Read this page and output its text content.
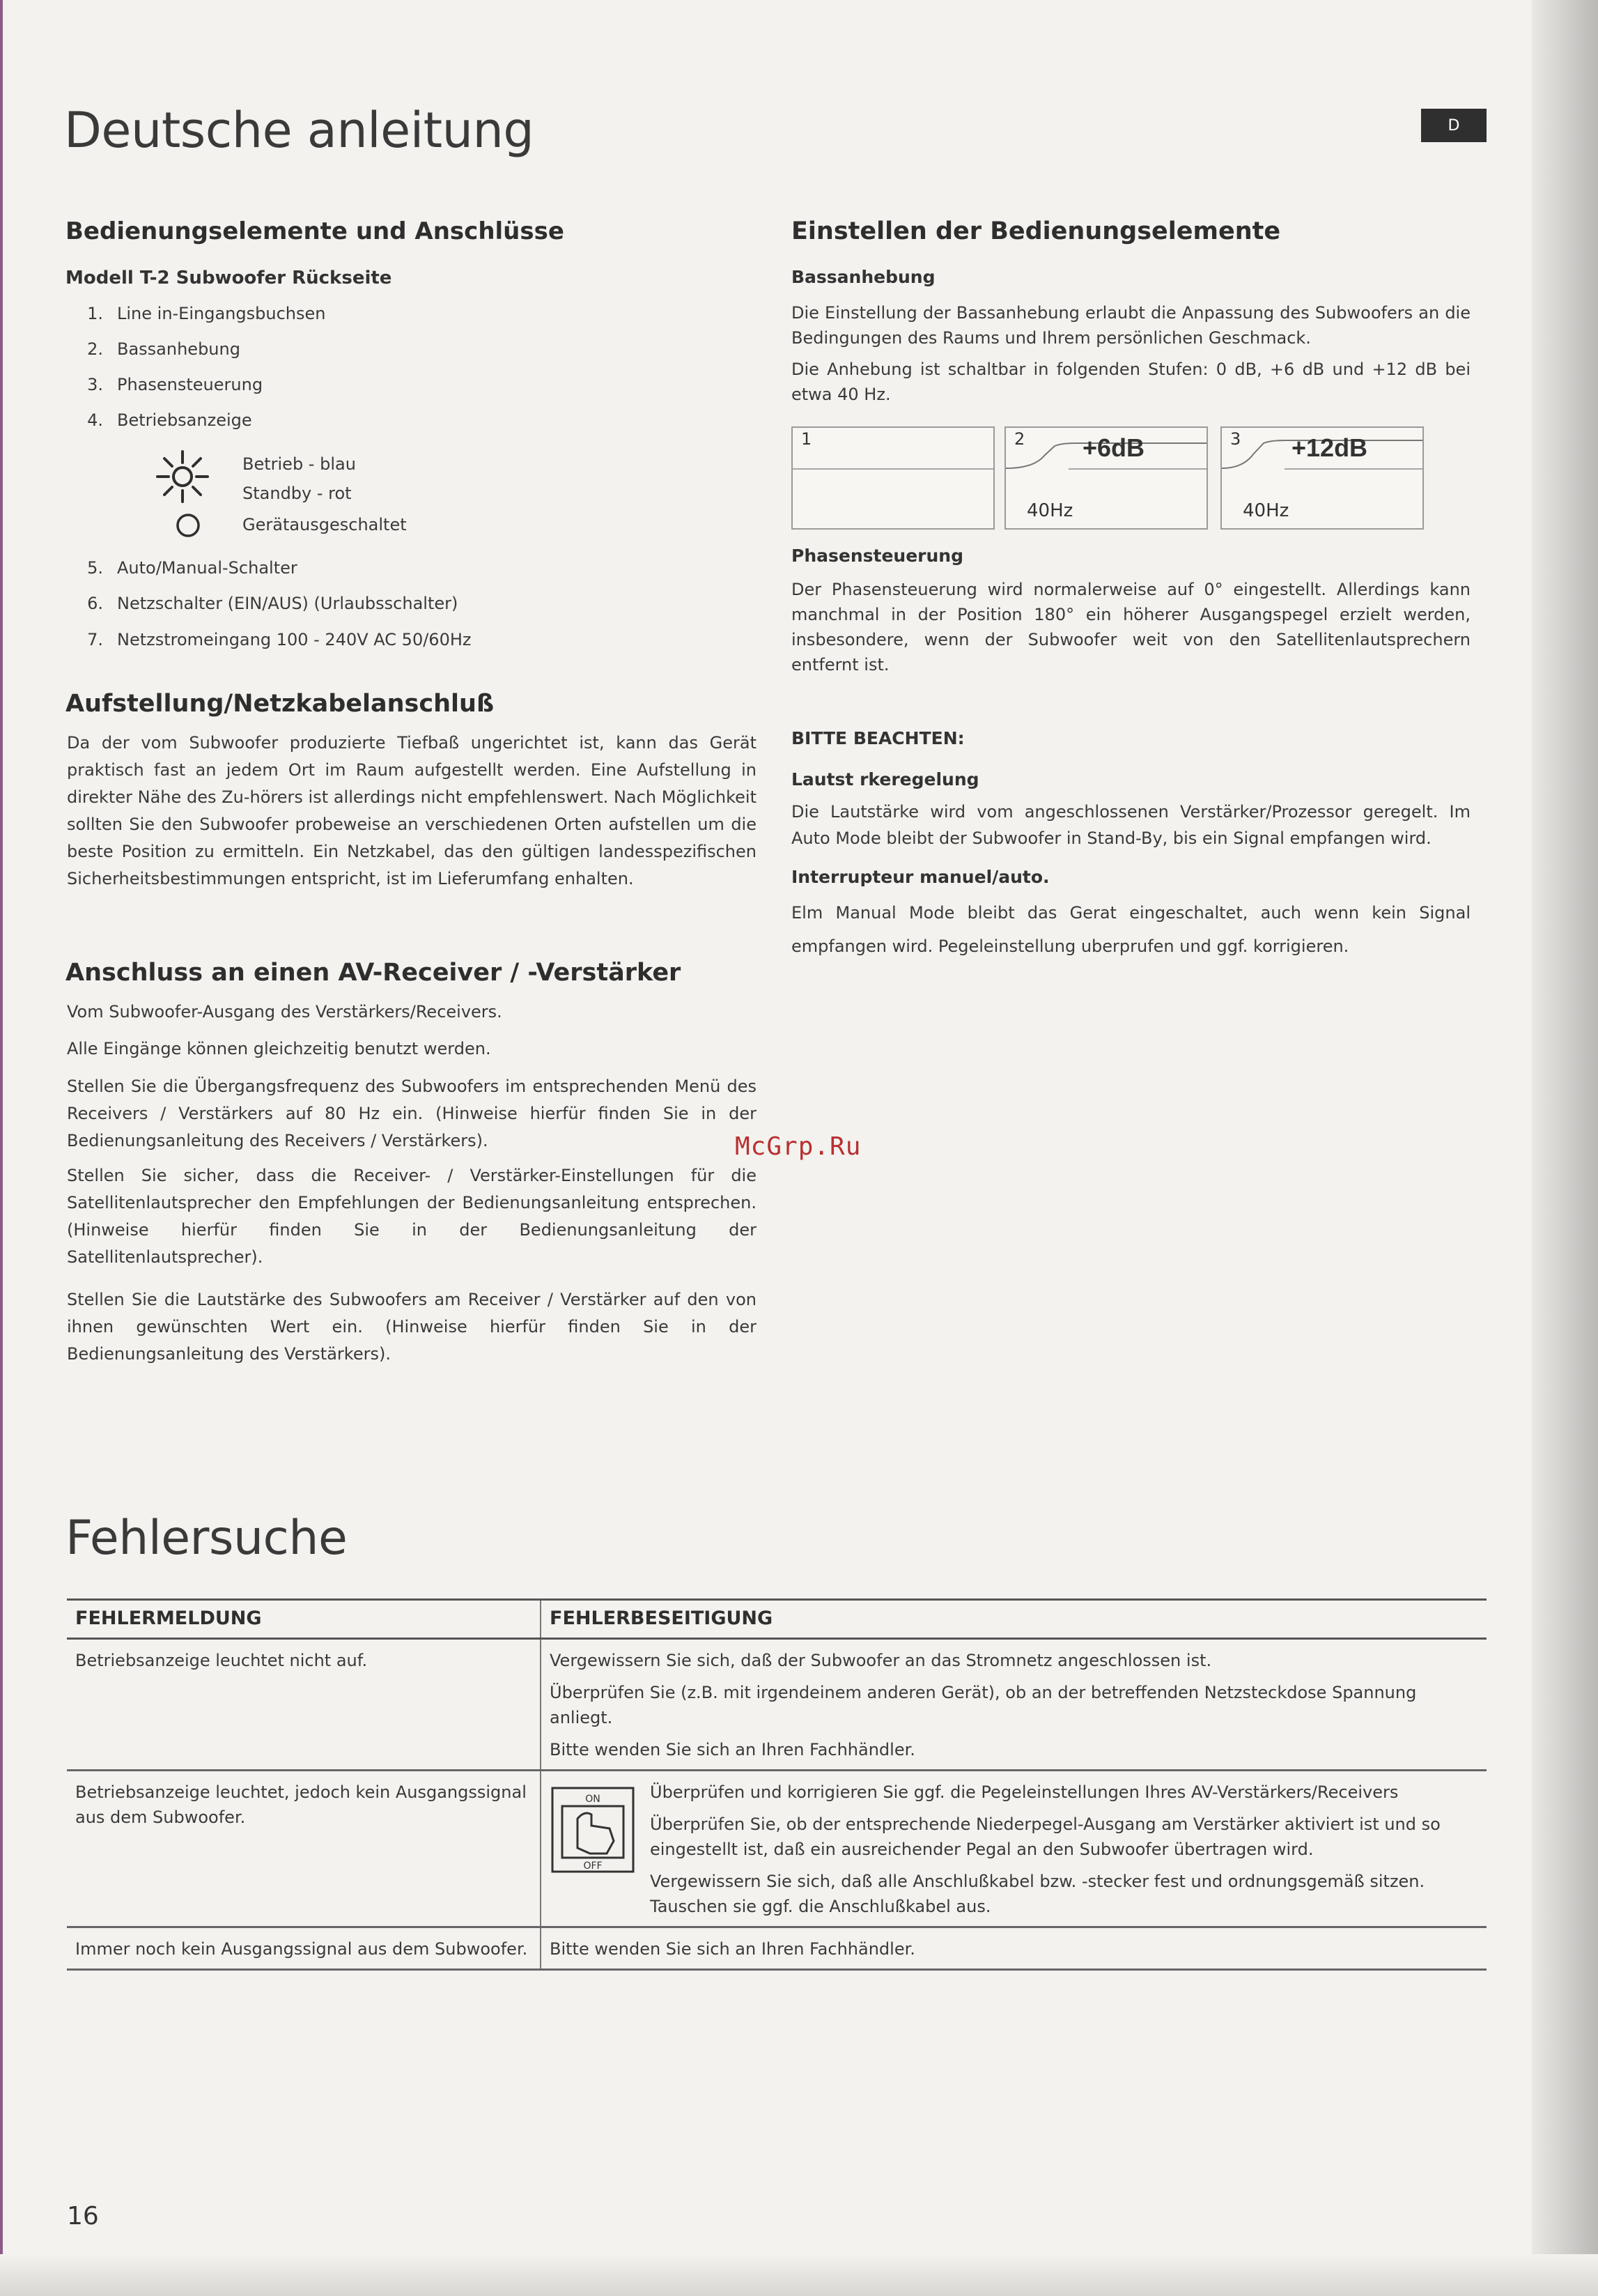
Deutsche anleitung	D
Bedienungselemente und Anschlüsse
Modell T-2 Subwoofer Rückseite
1. Line in-Eingangsbuchsen
2. Bassanhebung
3. Phasensteuerung
4. Betriebsanzeige
Betrieb - blau
Standby - rot
Gerätausgeschaltet
5. Auto/Manual-Schalter
6. Netzschalter (EIN/AUS) (Urlaubsschalter)
7. Netzstromeingang 100 - 240V AC 50/60Hz
Aufstellung/Netzkabelanschluß
Da der vom Subwoofer produzierte Tiefbaß ungerichtet ist, kann das Gerät praktisch fast an jedem Ort im Raum aufgestellt werden. Eine Aufstellung in direkter Nähe des Zu-hörers ist allerdings nicht empfehlenswert. Nach Möglichkeit sollten Sie den Subwoofer probeweise an verschiedenen Orten aufstellen um die beste Position zu ermitteln. Ein Netzkabel, das den gültigen landesspezifischen Sicherheitsbestimmungen entspricht, ist im Lieferumfang enhalten.
Anschluss an einen AV-Receiver / -Verstärker
Vom Subwoofer-Ausgang des Verstärkers/Receivers.
Alle Eingänge können gleichzeitig benutzt werden.
Stellen Sie die Übergangsfrequenz des Subwoofers im entsprechenden Menü des Receivers / Verstärkers auf 80 Hz ein. (Hinweise hierfür finden Sie in der Bedienungsanleitung des Receivers / Verstärkers).
Stellen Sie sicher, dass die Receiver- / Verstärker-Einstellungen für die Satellitenlautsprecher den Empfehlungen der Bedienungsanleitung entsprechen. (Hinweise hierfür finden Sie in der Bedienungsanleitung der Satellitenlautsprecher).
Stellen Sie die Lautstärke des Subwoofers am Receiver / Verstärker auf den von ihnen gewünschten Wert ein. (Hinweise hierfür finden Sie in der Bedienungsanleitung des Verstärkers).
Einstellen der Bedienungselemente
Bassanhebung
Die Einstellung der Bassanhebung erlaubt die Anpassung des Subwoofers an die Bedingungen des Raums und Ihrem persönlichen Geschmack.
Die Anhebung ist schaltbar in folgenden Stufen: 0 dB, +6 dB und +12 dB bei etwa 40 Hz.
1	2 +6dB
40Hz
3 +12dB
40Hz
Phasensteuerung
Der Phasensteuerung wird normalerweise auf 0° eingestellt. Allerdings kann manchmal in der Position 180° ein höherer Ausgangspegel erzielt werden, insbesondere, wenn der Subwoofer weit von den Satellitenlautsprechern entfernt ist.
BITTE BEACHTEN:
Lautst rkeregelung
Die Lautstärke wird vom angeschlossenen Verstärker/Prozessor geregelt. Im Auto Mode bleibt der Subwoofer in Stand-By, bis ein Signal empfangen wird.
Interrupteur manuel/auto.
Elm Manual Mode bleibt das Gerat eingeschaltet, auch wenn kein Signal empfangen wird. Pegeleinstellung uberprufen und ggf. korrigieren.
McGrp.Ru
Fehlersuche
FEHLERMELDUNG	FEHLERBESEITIGUNG
Betriebsanzeige leuchtet nicht auf.	Vergewissern Sie sich, daß der Subwoofer an das Stromnetz angeschlossen ist.
Überprüfen Sie (z.B. mit irgendeinem anderen Gerät), ob an der betreffenden Netzsteckdose Spannung anliegt.
Bitte wenden Sie sich an Ihren Fachhändler.

Betriebsanzeige leuchtet, jedoch kein Ausgangssignal aus dem Subwoofer.	ON
OFF
Überprüfen und korrigieren Sie ggf. die Pegeleinstellungen Ihres AV-Verstärkers/Receivers
Überprüfen Sie, ob der entsprechende Niederpegel-Ausgang am Verstärker aktiviert ist und so eingestellt ist, daß ein ausreichender Pegal an den Subwoofer übertragen wird.
Vergewissern Sie sich, daß alle Anschlußkabel bzw. -stecker fest und ordnungsgemäß sitzen. Tauschen sie ggf. die Anschlußkabel aus.

Immer noch kein Ausgangssignal aus dem Subwoofer.	Bitte wenden Sie sich an Ihren Fachhändler.
16
